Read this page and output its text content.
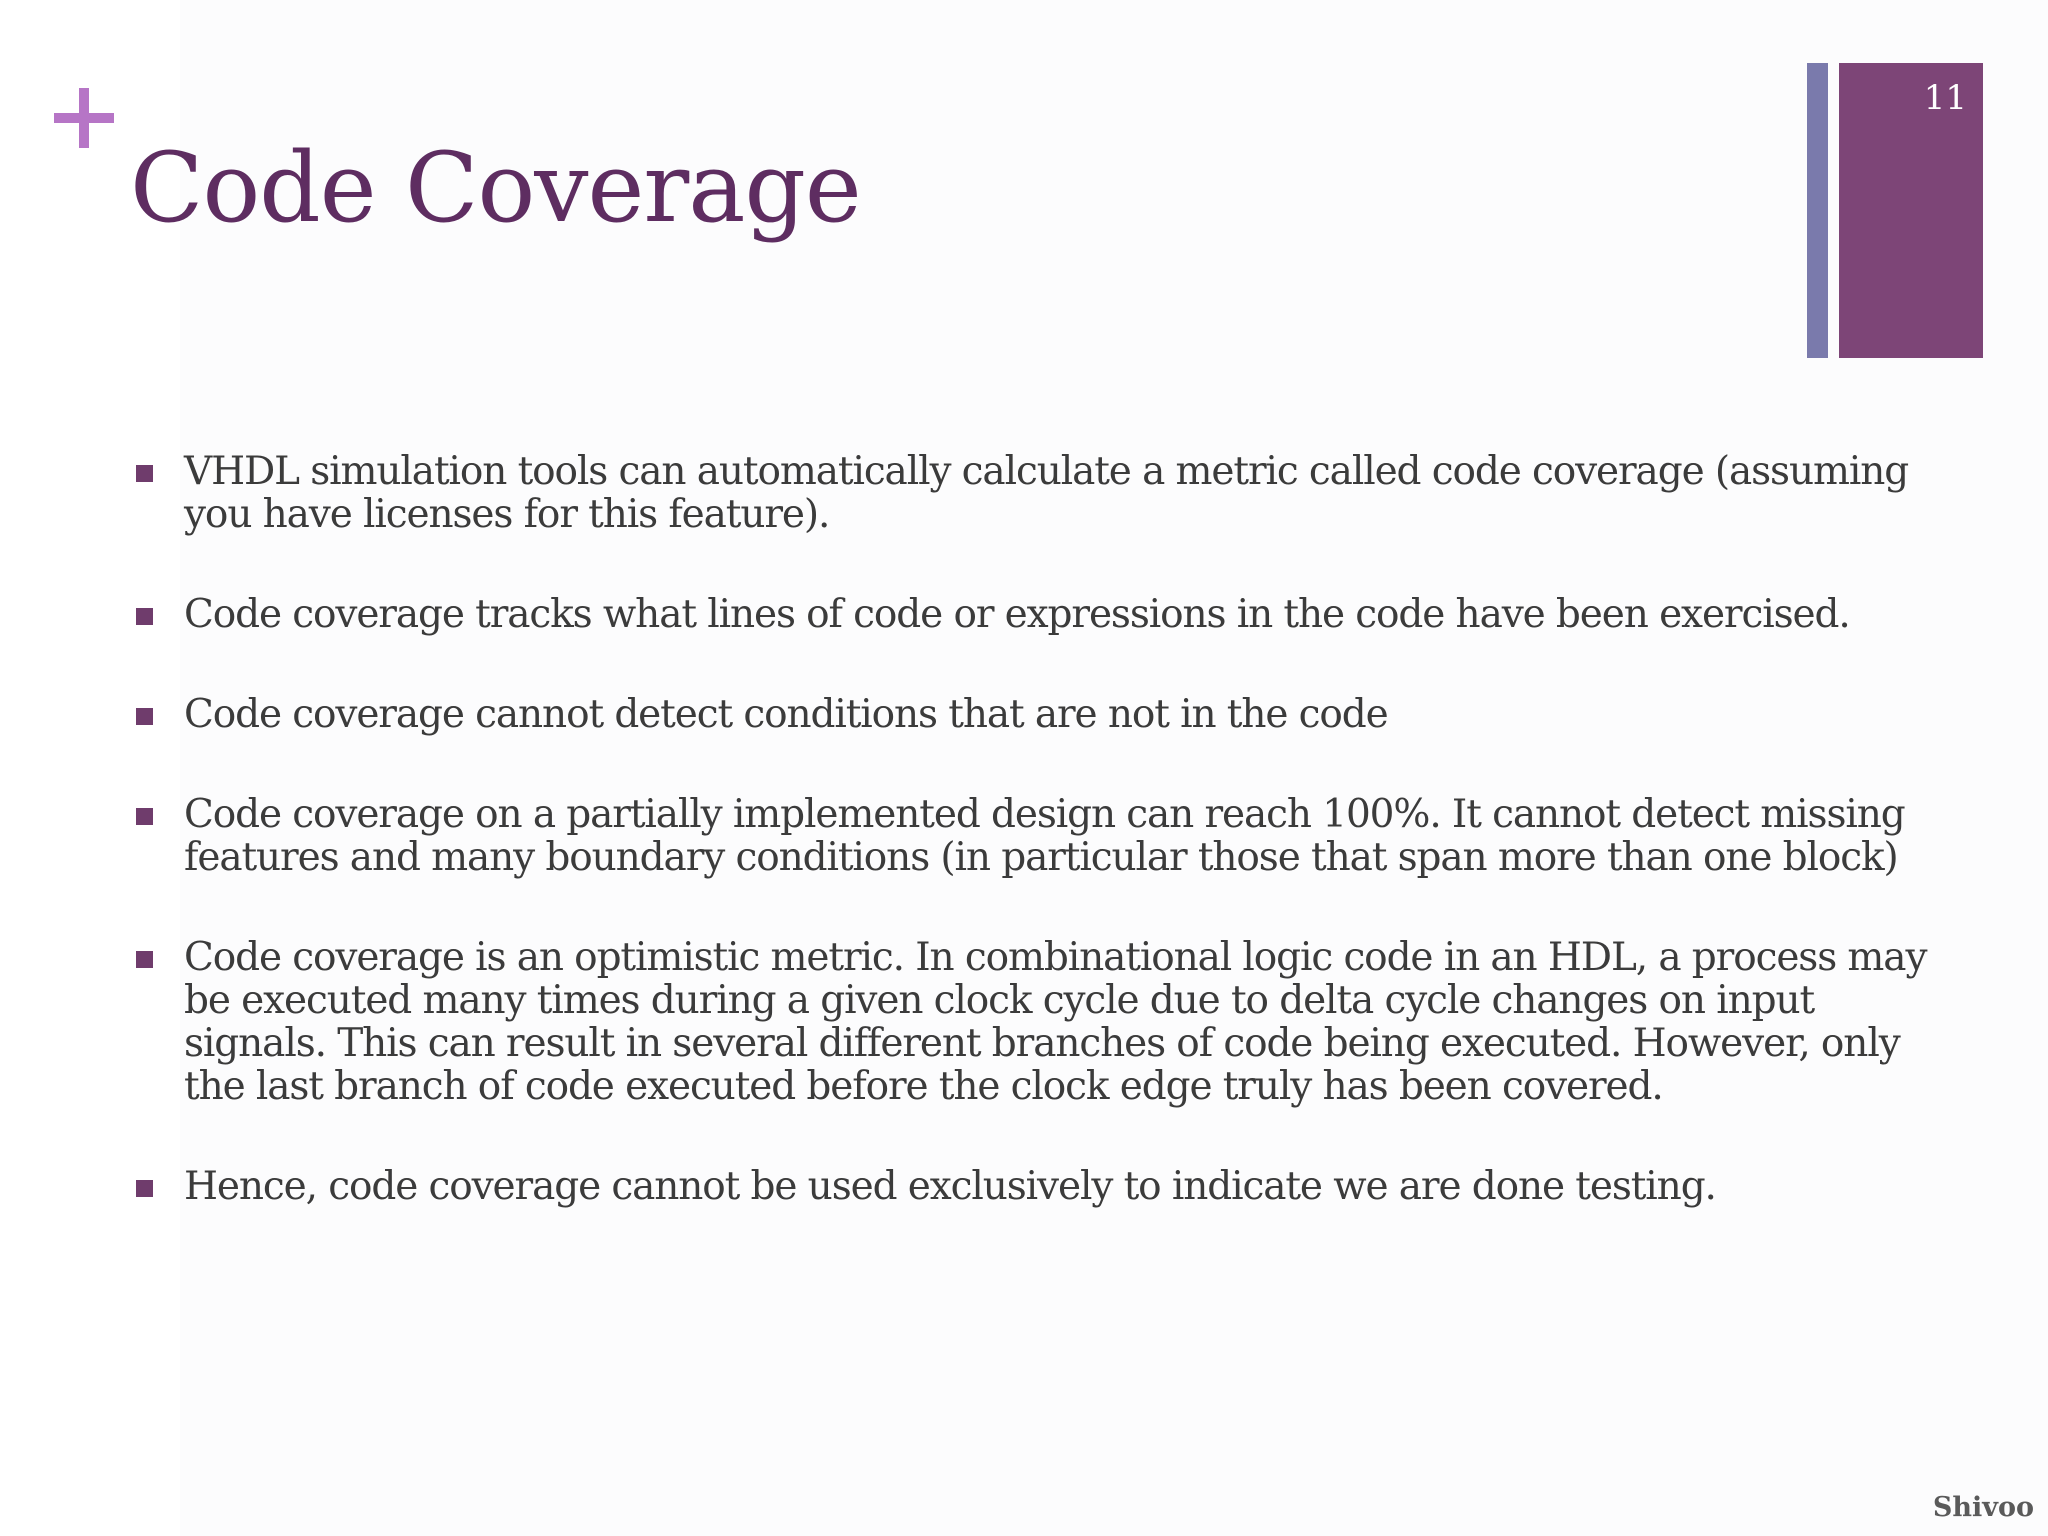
Code Coverage
11
VHDL simulation tools can automatically calculate a metric called code coverage (assuming you have licenses for this feature).
Code coverage tracks what lines of code or expressions in the code have been exercised.
Code coverage cannot detect conditions that are not in the code
Code coverage on a partially implemented design can reach 100%. It cannot detect missing features and many boundary conditions (in particular those that span more than one block)
Code coverage is an optimistic metric. In combinational logic code in an HDL, a process may be executed many times during a given clock cycle due to delta cycle changes on input signals. This can result in several different branches of code being executed. However, only the last branch of code executed before the clock edge truly has been covered.
Hence, code coverage cannot be used exclusively to indicate we are done testing.
Shivoo
